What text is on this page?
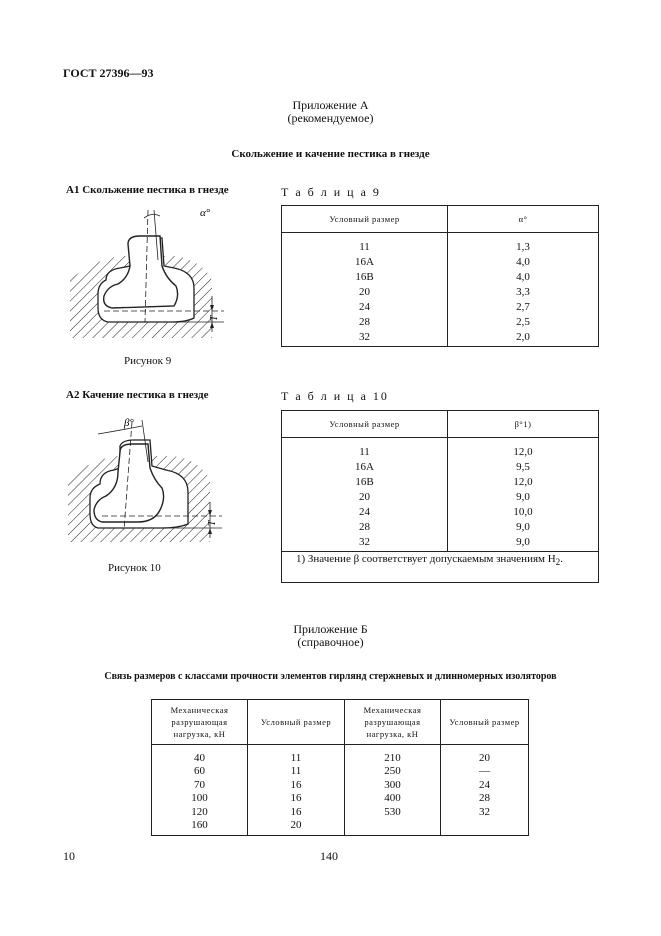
ГОСТ 27396—93
Приложение А
(рекомендуемое)
Скольжение и качение пестика в гнезде
А1 Скольжение пестика в гнезде	Т а б л и ц а 9
α°
T
Рисунок 9
Условный размер	α°
11	1,3
16A	4,0
16B	4,0
20	3,3
24	2,7
28	2,5
32	2,0
А2 Качение пестика в гнезде	Т а б л и ц а 10
β°
T
Рисунок 10
Условный размер	β°1)
11	12,0
16A	9,5
16B	12,0
20	9,0
24	10,0
28	9,0
32	9,0
1) Значение β соответствует допускаемым значениям $H_2$.
Приложение Б
(справочное)
Связь размеров с классами прочности элементов гирлянд стержневых и длинномерных изоляторов
Механическая разрушающая нагрузка, кН	Условный размер	Механическая разрушающая нагрузка, кН	Условный размер
40	11	210	20
60	11	250	—
70	16	300	24
100	16	400	28
120	16	530	32
160	20		
10	140
